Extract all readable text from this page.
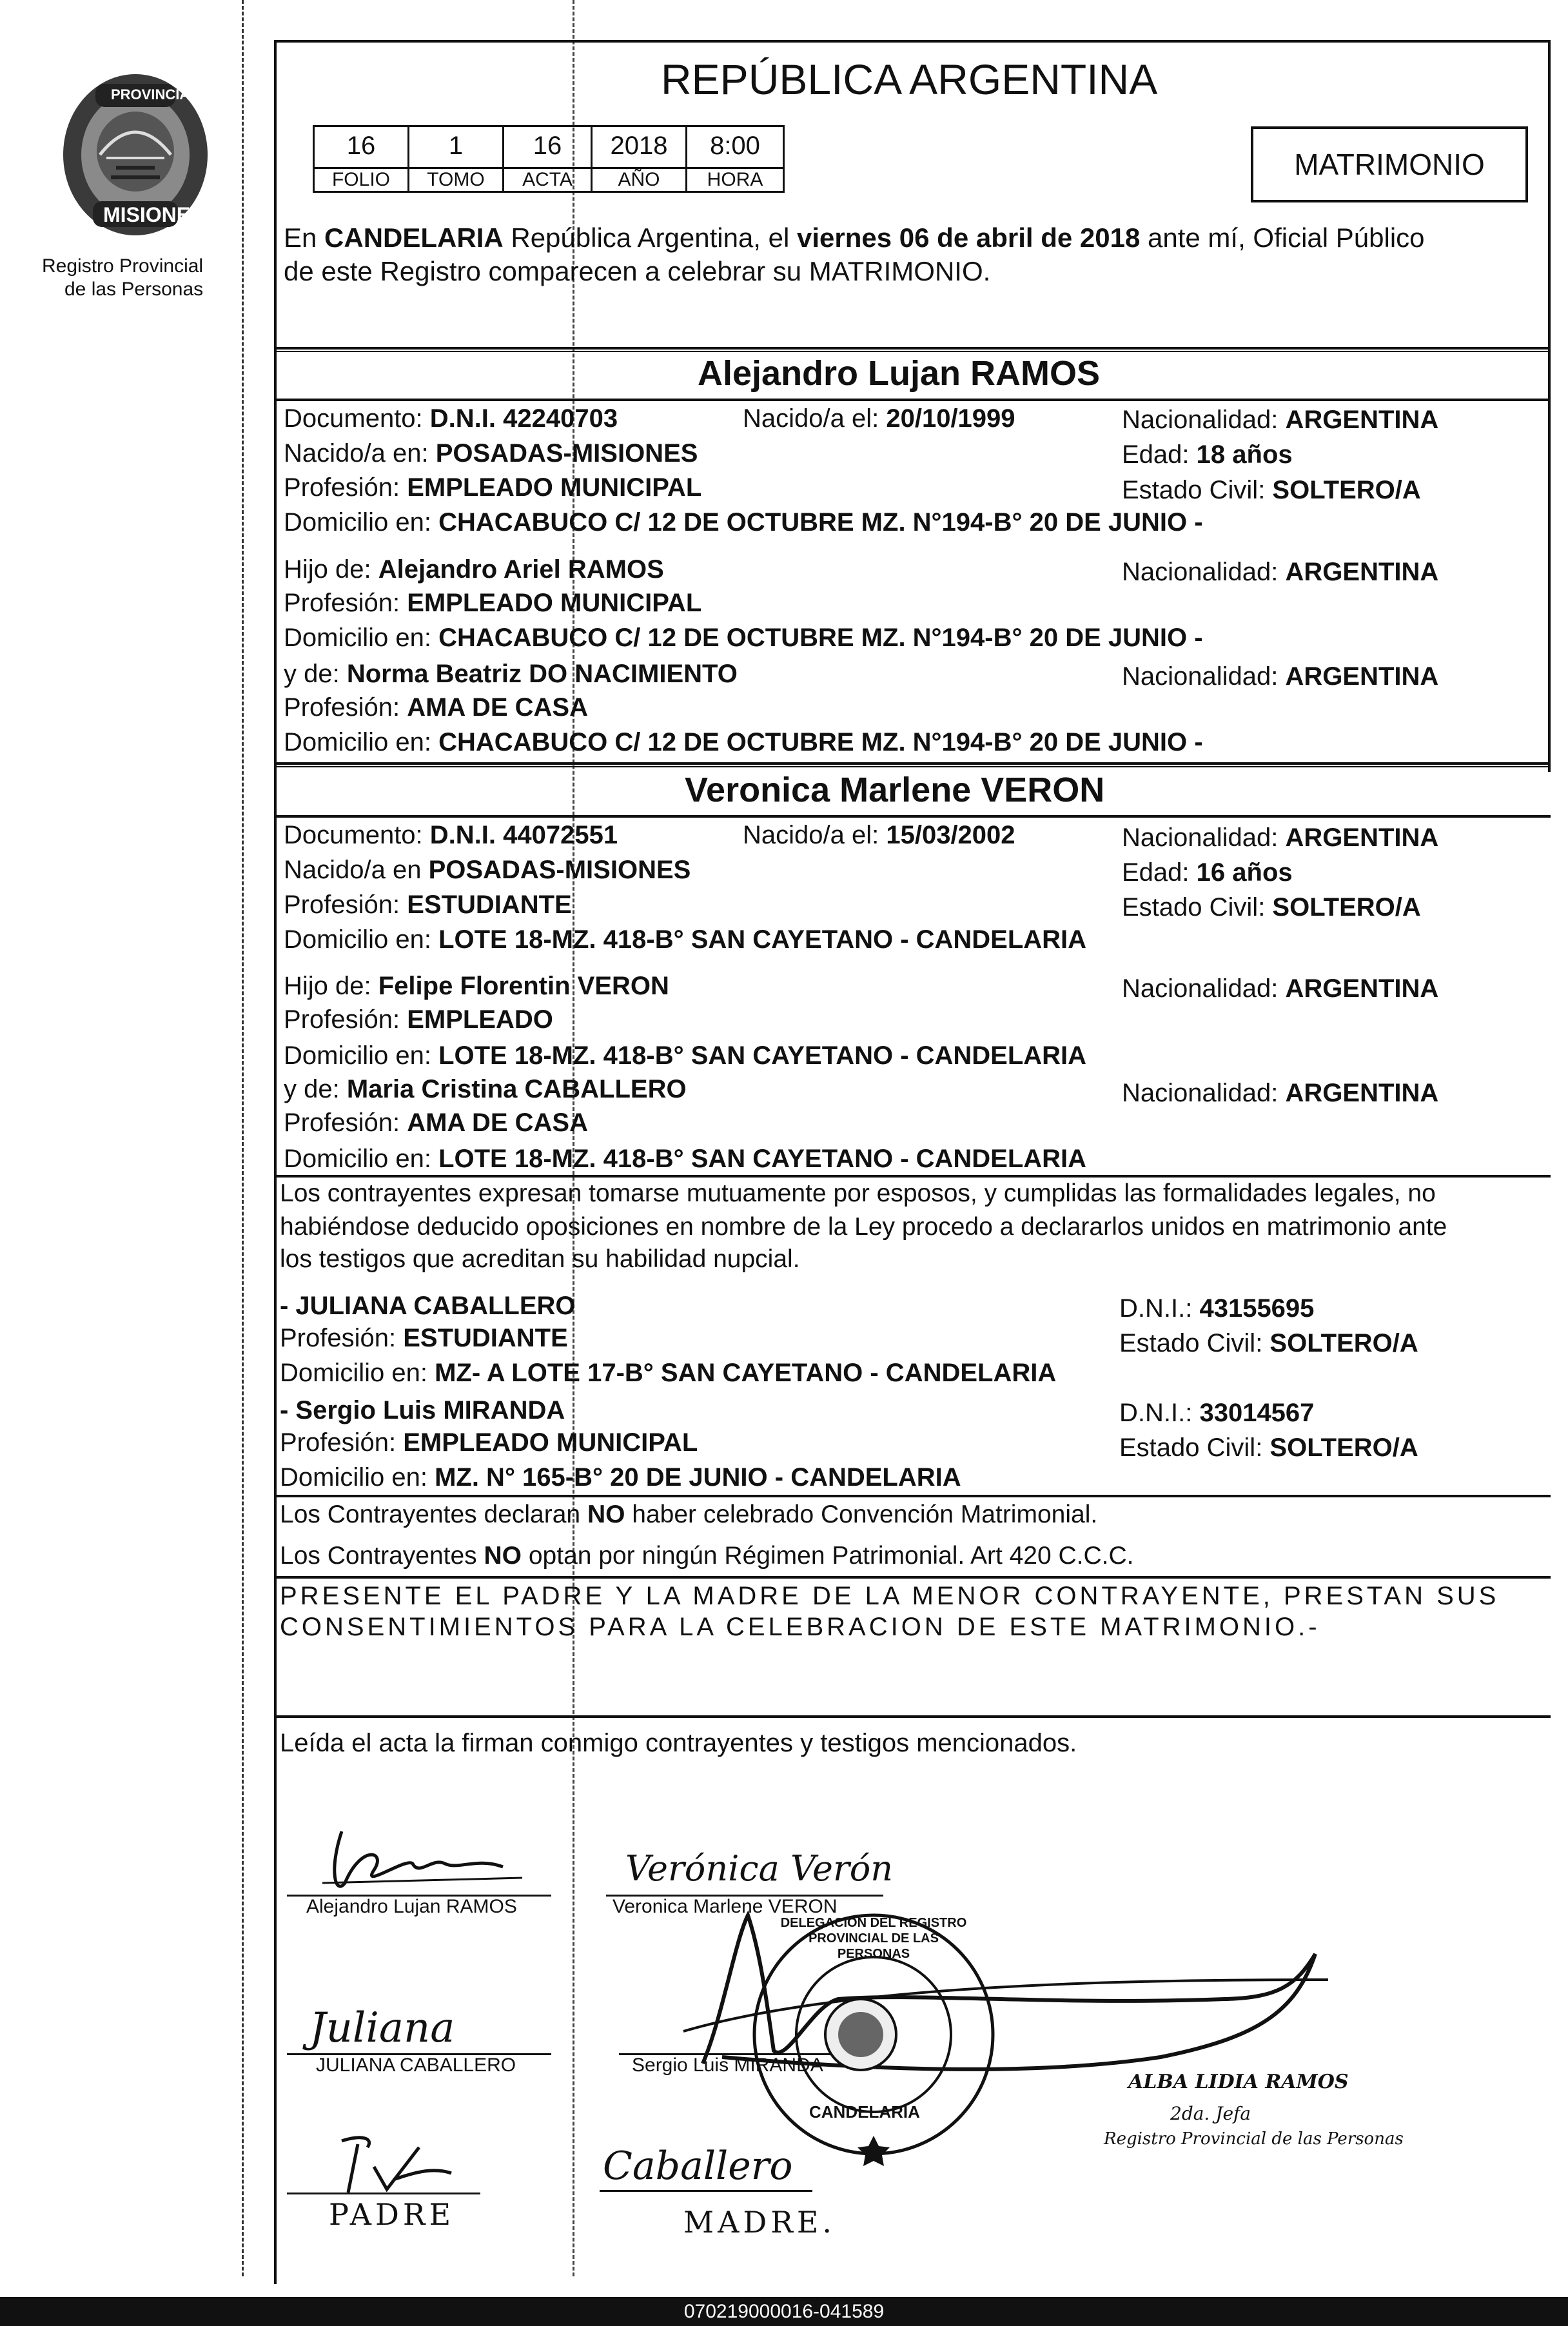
PROVINCIA DE
MISIONES
Registro Provincial
de las Personas
REPÚBLICA ARGENTINA
16	1	16	2018	8:00
FOLIO	TOMO	ACTA	AÑO	HORA	MATRIMONIO
En CANDELARIA República Argentina, el viernes 06 de abril de 2018 ante mí, Oficial Público
de este Registro comparecen a celebrar su MATRIMONIO.
Alejandro Lujan RAMOS
Documento: D.N.I. 42240703	Nacido/a el: 20/10/1999	Nacionalidad: ARGENTINA
Nacido/a en: POSADAS-MISIONES	Edad: 18 años
Profesión: EMPLEADO MUNICIPAL	Estado Civil: SOLTERO/A
Domicilio en: CHACABUCO C/ 12 DE OCTUBRE MZ. N°194-B° 20 DE JUNIO -
Hijo de: Alejandro Ariel RAMOS	Nacionalidad: ARGENTINA
Profesión: EMPLEADO MUNICIPAL
Domicilio en: CHACABUCO C/ 12 DE OCTUBRE MZ. N°194-B° 20 DE JUNIO -
y de: Norma Beatriz DO NACIMIENTO	Nacionalidad: ARGENTINA
Profesión: AMA DE CASA
Domicilio en: CHACABUCO C/ 12 DE OCTUBRE MZ. N°194-B° 20 DE JUNIO -
Veronica Marlene VERON
Documento: D.N.I. 44072551	Nacido/a el: 15/03/2002	Nacionalidad: ARGENTINA
Nacido/a en POSADAS-MISIONES	Edad: 16 años
Profesión: ESTUDIANTE	Estado Civil: SOLTERO/A
Domicilio en: LOTE 18-MZ. 418-B° SAN CAYETANO - CANDELARIA
Hijo de: Felipe Florentin VERON	Nacionalidad: ARGENTINA
Profesión: EMPLEADO
Domicilio en: LOTE 18-MZ. 418-B° SAN CAYETANO - CANDELARIA
y de: Maria Cristina CABALLERO	Nacionalidad: ARGENTINA
Profesión: AMA DE CASA
Domicilio en: LOTE 18-MZ. 418-B° SAN CAYETANO - CANDELARIA
Los contrayentes expresan tomarse mutuamente por esposos, y cumplidas las formalidades legales, no
habiéndose deducido oposiciones en nombre de la Ley procedo a declararlos unidos en matrimonio ante
los testigos que acreditan su habilidad nupcial.
- JULIANA CABALLERO	D.N.I.: 43155695
Profesión: ESTUDIANTE	Estado Civil: SOLTERO/A
Domicilio en: MZ- A LOTE 17-B° SAN CAYETANO - CANDELARIA
- Sergio Luis MIRANDA	D.N.I.: 33014567
Profesión: EMPLEADO MUNICIPAL	Estado Civil: SOLTERO/A
Domicilio en: MZ. N° 165-B° 20 DE JUNIO - CANDELARIA
Los Contrayentes declaran NO haber celebrado Convención Matrimonial.
Los Contrayentes NO optan por ningún Régimen Patrimonial. Art 420 C.C.C.
PRESENTE EL PADRE Y LA MADRE DE LA MENOR CONTRAYENTE, PRESTAN SUS
CONSENTIMIENTOS PARA LA CELEBRACION DE ESTE MATRIMONIO.-
Leída el acta la firman conmigo contrayentes y testigos mencionados.
Alejandro Lujan RAMOS
Verónica Verón
Veronica Marlene VERON
Juliana
JULIANA CABALLERO	Sergio Luis MIRANDA
DELEGACION DEL REGISTRO PROVINCIAL DE LAS PERSONAS
CANDELARIA
ALBA LIDIA RAMOS
2da. Jefa
Registro Provincial de las Personas
PADRE
Caballero
MADRE.
070219000016-041589
